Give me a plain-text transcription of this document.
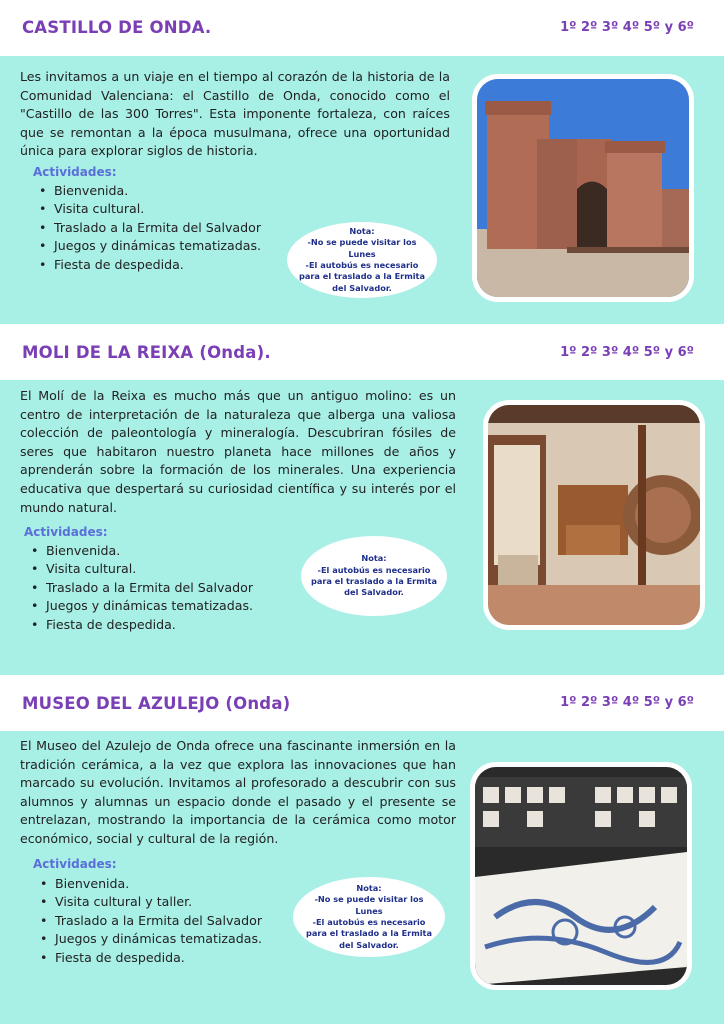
CASTILLO DE ONDA.	1º 2º 3º 4º 5º y 6º

Les invitamos a un viaje en el tiempo al corazón de la historia de la Comunidad Valenciana: el Castillo de Onda, conocido como el "Castillo de las 300 Torres". Esta imponente fortaleza, con raíces que se remontan a la época musulmana, ofrece una oportunidad única para explorar siglos de historia.

Actividades:
• Bienvenida.
• Visita cultural.
• Traslado a la Ermita del Salvador
• Juegos y dinámicas tematizadas.
• Fiesta de despedida.
Nota:
-No se puede visitar los Lunes
-El autobús es necesario para el traslado a la Ermita del Salvador.
MOLI DE LA REIXA (Onda).	1º 2º 3º 4º 5º y 6º

El Molí de la Reixa es mucho más que un antiguo molino: es un centro de interpretación de la naturaleza que alberga una valiosa colección de paleontología y mineralogía. Descubriran fósiles de seres que habitaron nuestro planeta hace millones de años y aprenderán sobre la formación de los minerales. Una experiencia educativa que despertará su curiosidad científica y su interés por el mundo natural.

Actividades:
• Bienvenida.
• Visita cultural.
• Traslado a la Ermita del Salvador
• Juegos y dinámicas tematizadas.
• Fiesta de despedida.
Nota:
-El autobús es necesario para el traslado a la Ermita del Salvador.
MUSEO DEL AZULEJO (Onda)	1º 2º 3º 4º 5º y 6º

El Museo del Azulejo de Onda ofrece una fascinante inmersión en la tradición cerámica, a la vez que explora las innovaciones que han marcado su evolución. Invitamos al profesorado a descubrir con sus alumnos y alumnas un espacio donde el pasado y el presente se entrelazan, mostrando la importancia de la cerámica como motor económico, social y cultural de la región.

Actividades:
• Bienvenida.
• Visita cultural y taller.
• Traslado a la Ermita del Salvador
• Juegos y dinámicas tematizadas.
• Fiesta de despedida.
Nota:
-No se puede visitar los Lunes
-El autobús es necesario para el traslado a la Ermita del Salvador.
